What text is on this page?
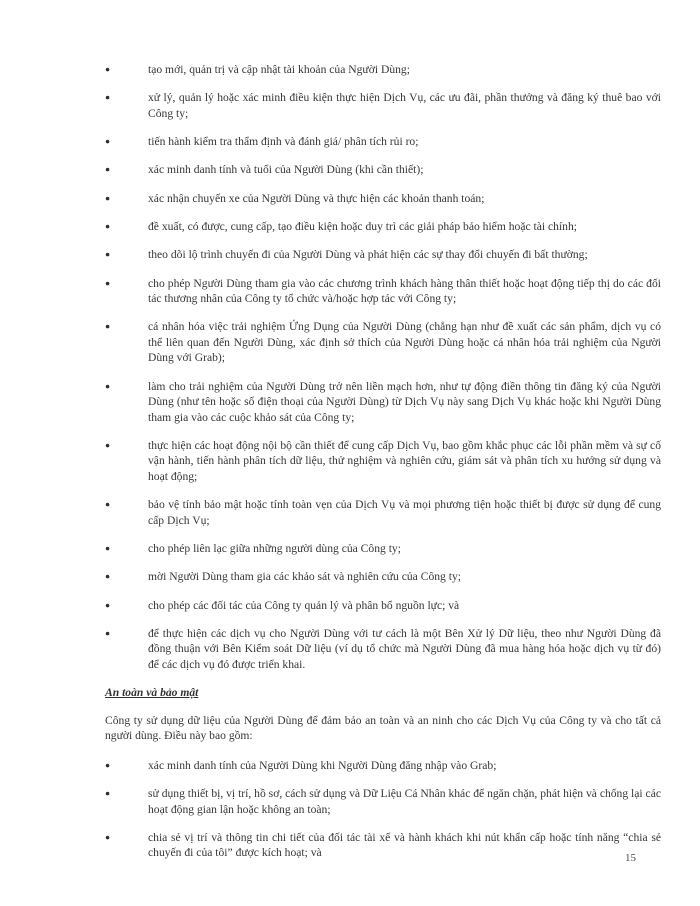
●	tạo mới, quản trị và cập nhật tài khoản của Người Dùng;
●	xử lý, quản lý hoặc xác minh điều kiện thực hiện Dịch Vụ, các ưu đãi, phần thưởng và đăng ký thuê bao với Công ty;
●	tiến hành kiểm tra thẩm định và đánh giá/ phân tích rủi ro;
●	xác minh danh tính và tuổi của Người Dùng (khi cần thiết);
●	xác nhận chuyến xe của Người Dùng và thực hiện các khoản thanh toán;
●	đề xuất, có được, cung cấp, tạo điều kiện hoặc duy trì các giải pháp bảo hiểm hoặc tài chính;
●	theo dõi lộ trình chuyến đi của Người Dùng và phát hiện các sự thay đổi chuyến đi bất thường;
●	cho phép Người Dùng tham gia vào các chương trình khách hàng thân thiết hoặc hoạt động tiếp thị do các đối tác thương nhân của Công ty tổ chức và/hoặc hợp tác với Công ty;
●	cá nhân hóa việc trải nghiệm Ứng Dụng của Người Dùng (chẳng hạn như đề xuất các sản phẩm, dịch vụ có thể liên quan đến Người Dùng, xác định sở thích của Người Dùng hoặc cá nhân hóa trải nghiệm của Người Dùng với Grab);
●	làm cho trải nghiệm của Người Dùng trở nên liền mạch hơn, như tự động điền thông tin đăng ký của Người Dùng (như tên hoặc số điện thoại của Người Dùng) từ Dịch Vụ này sang Dịch Vụ khác hoặc khi Người Dùng tham gia vào các cuộc khảo sát của Công ty;
●	thực hiện các hoạt động nội bộ cần thiết để cung cấp Dịch Vụ, bao gồm khắc phục các lỗi phần mềm và sự cố vận hành, tiến hành phân tích dữ liệu, thử nghiệm và nghiên cứu, giám sát và phân tích xu hướng sử dụng và hoạt động;
●	bảo vệ tính bảo mật hoặc tính toàn vẹn của Dịch Vụ và mọi phương tiện hoặc thiết bị được sử dụng để cung cấp Dịch Vụ;
●	cho phép liên lạc giữa những người dùng của Công ty;
●	mời Người Dùng tham gia các khảo sát và nghiên cứu của Công ty;
●	cho phép các đối tác của Công ty quản lý và phân bổ nguồn lực; và
●	để thực hiện các dịch vụ cho Người Dùng với tư cách là một Bên Xử lý Dữ liệu, theo như Người Dùng đã đồng thuận với Bên Kiểm soát Dữ liệu (ví dụ tổ chức mà Người Dùng đã mua hàng hóa hoặc dịch vụ từ đó) để các dịch vụ đó được triển khai.
An toàn và bảo mật

Công ty sử dụng dữ liệu của Người Dùng để đảm bảo an toàn và an ninh cho các Dịch Vụ của Công ty và cho tất cả người dùng. Điều này bao gồm:

●	xác minh danh tính của Người Dùng khi Người Dùng đăng nhập vào Grab;
●	sử dụng thiết bị, vị trí, hồ sơ, cách sử dụng và Dữ Liệu Cá Nhân khác để ngăn chặn, phát hiện và chống lại các hoạt động gian lận hoặc không an toàn;
●	chia sẻ vị trí và thông tin chi tiết của đối tác tài xế và hành khách khi nút khẩn cấp hoặc tính năng “chia sẻ chuyến đi của tôi” được kích hoạt; và	15
